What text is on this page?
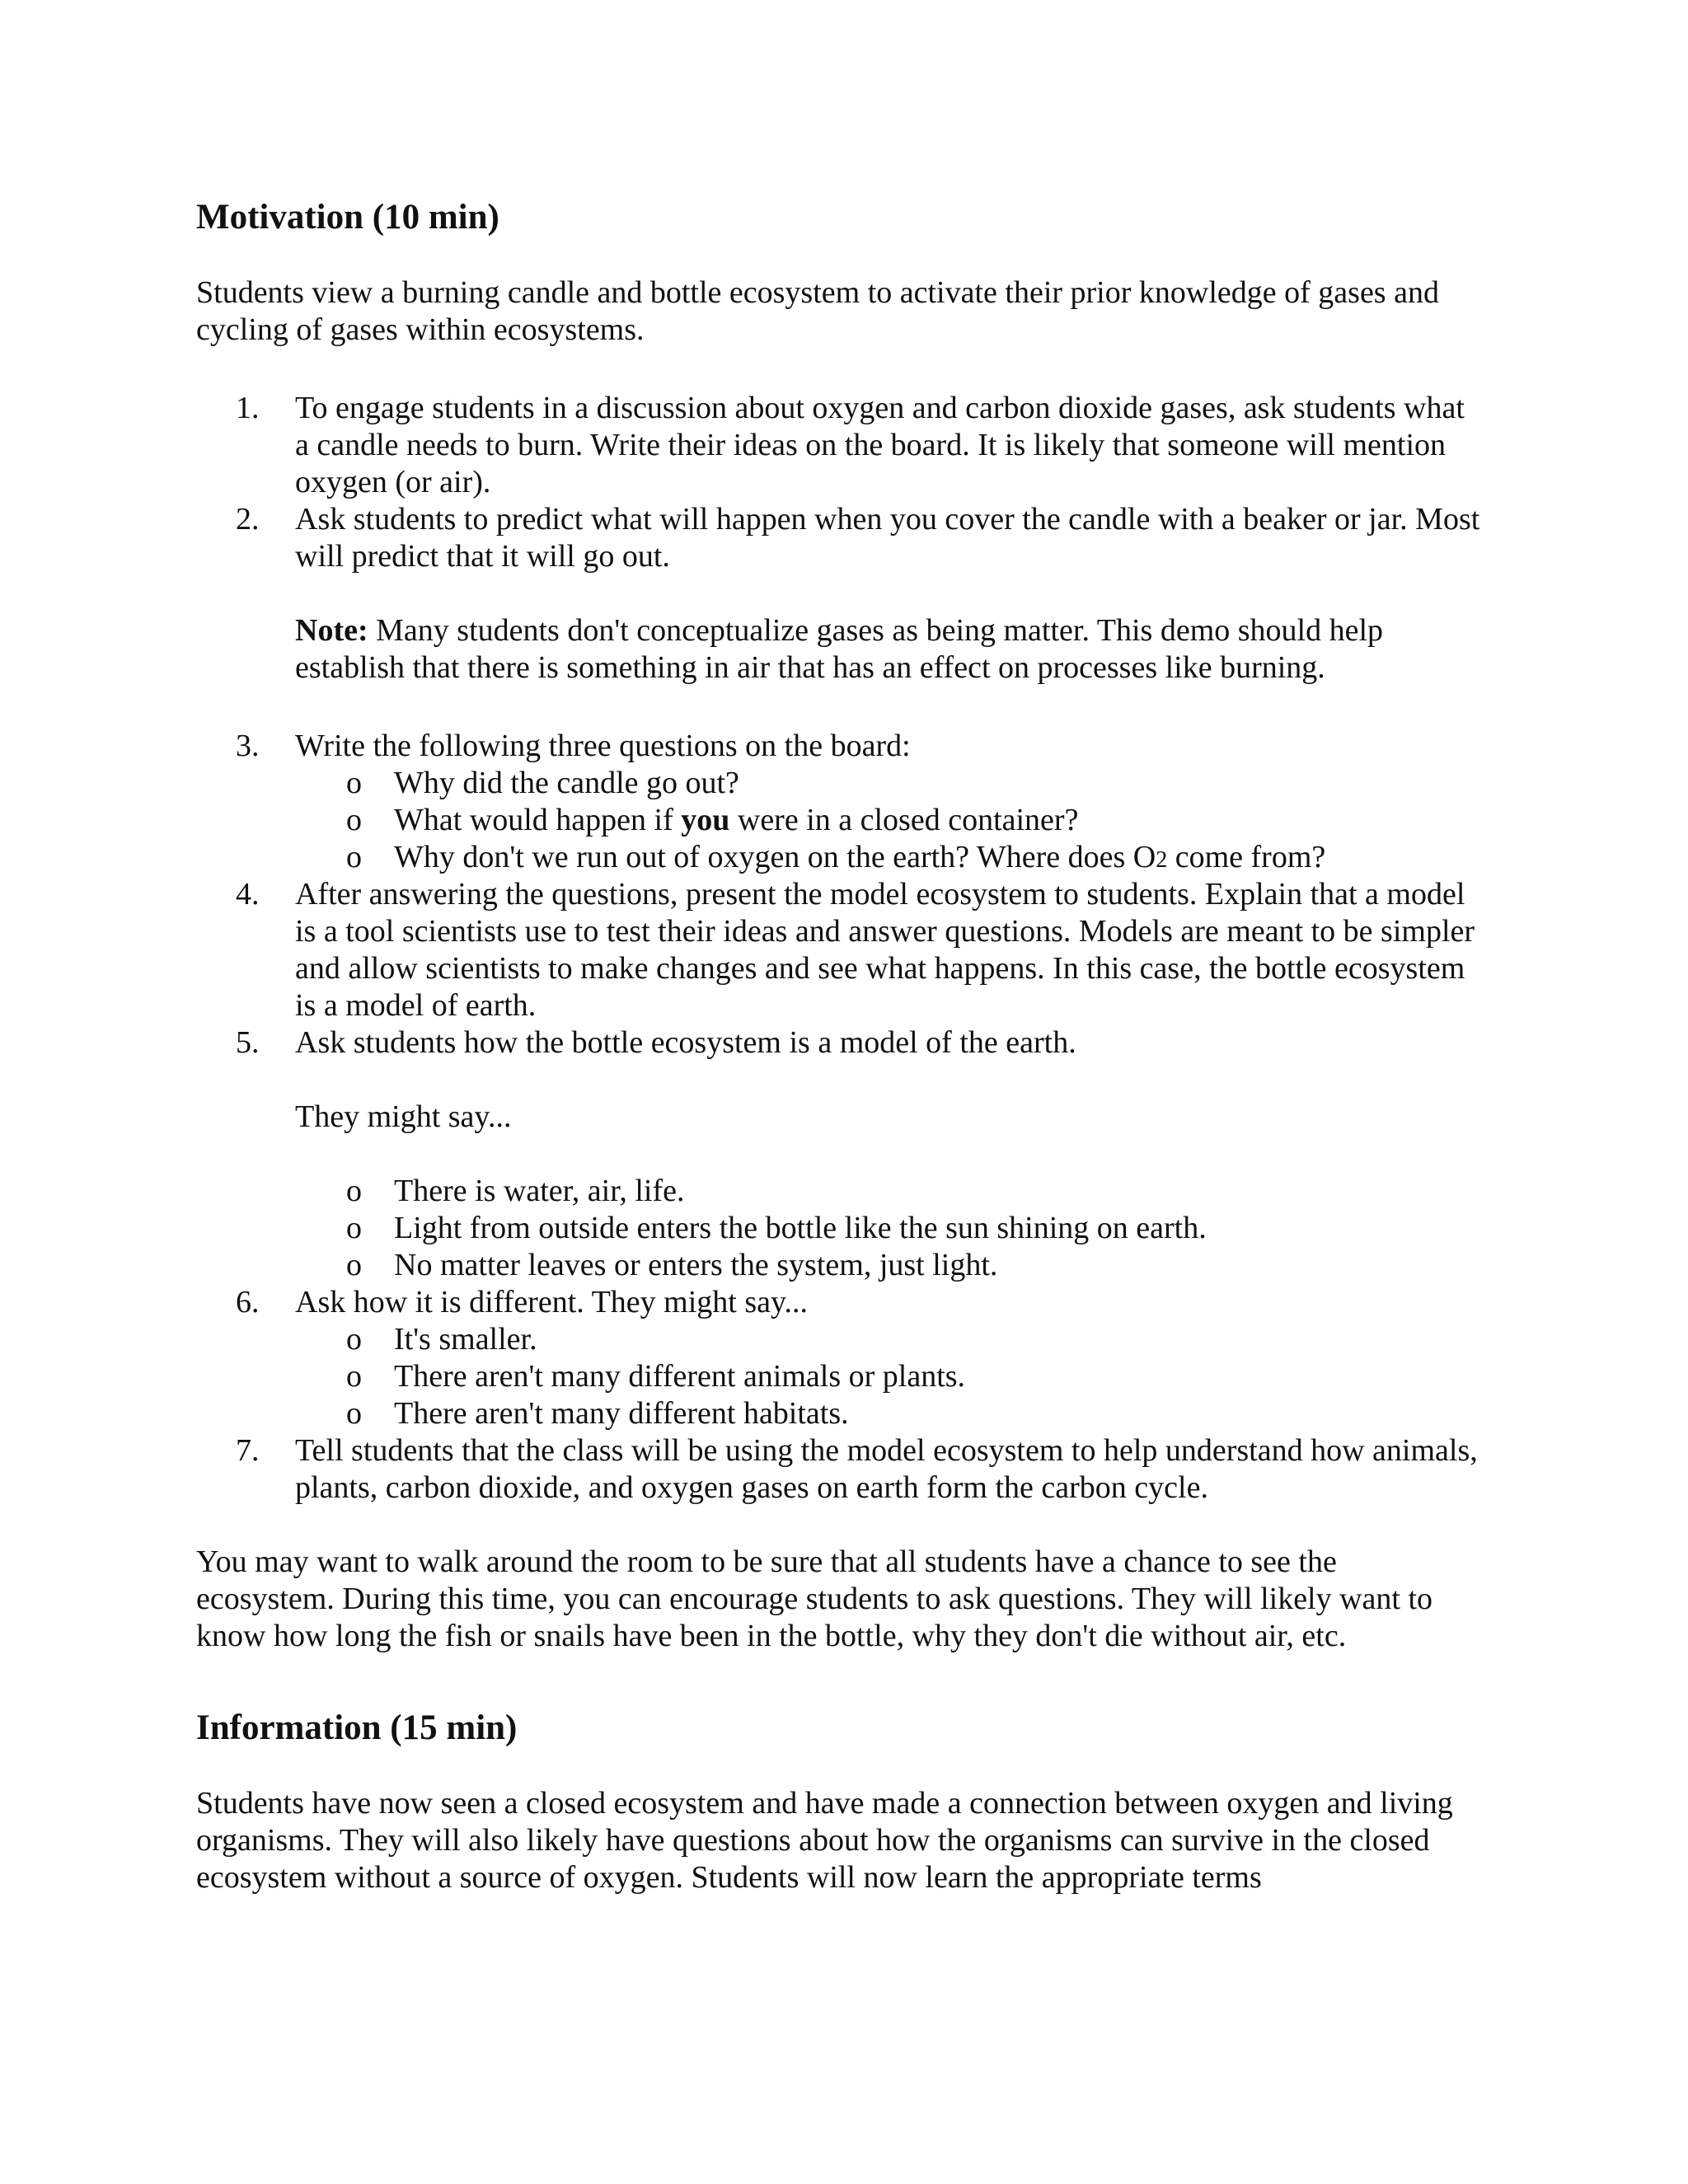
Motivation (10 min)

Students view a burning candle and bottle ecosystem to activate their prior knowledge of gases and cycling of gases within ecosystems.

1. To engage students in a discussion about oxygen and carbon dioxide gases, ask students what a candle needs to burn. Write their ideas on the board. It is likely that someone will mention oxygen (or air).
2. Ask students to predict what will happen when you cover the candle with a beaker or jar. Most will predict that it will go out.
Note: Many students don't conceptualize gases as being matter. This demo should help establish that there is something in air that has an effect on processes like burning.
3. Write the following three questions on the board:
o Why did the candle go out?
o What would happen if you were in a closed container?
o Why don't we run out of oxygen on the earth? Where does O2 come from?
4. After answering the questions, present the model ecosystem to students. Explain that a model is a tool scientists use to test their ideas and answer questions. Models are meant to be simpler and allow scientists to make changes and see what happens. In this case, the bottle ecosystem is a model of earth.
5. Ask students how the bottle ecosystem is a model of the earth.
They might say...
o There is water, air, life.
o Light from outside enters the bottle like the sun shining on earth.
o No matter leaves or enters the system, just light.
6. Ask how it is different. They might say...
o It's smaller.
o There aren't many different animals or plants.
o There aren't many different habitats.
7. Tell students that the class will be using the model ecosystem to help understand how animals, plants, carbon dioxide, and oxygen gases on earth form the carbon cycle.

You may want to walk around the room to be sure that all students have a chance to see the ecosystem. During this time, you can encourage students to ask questions. They will likely want to know how long the fish or snails have been in the bottle, why they don't die without air, etc.

Information (15 min)

Students have now seen a closed ecosystem and have made a connection between oxygen and living organisms. They will also likely have questions about how the organisms can survive in the closed ecosystem without a source of oxygen. Students will now learn the appropriate terms
